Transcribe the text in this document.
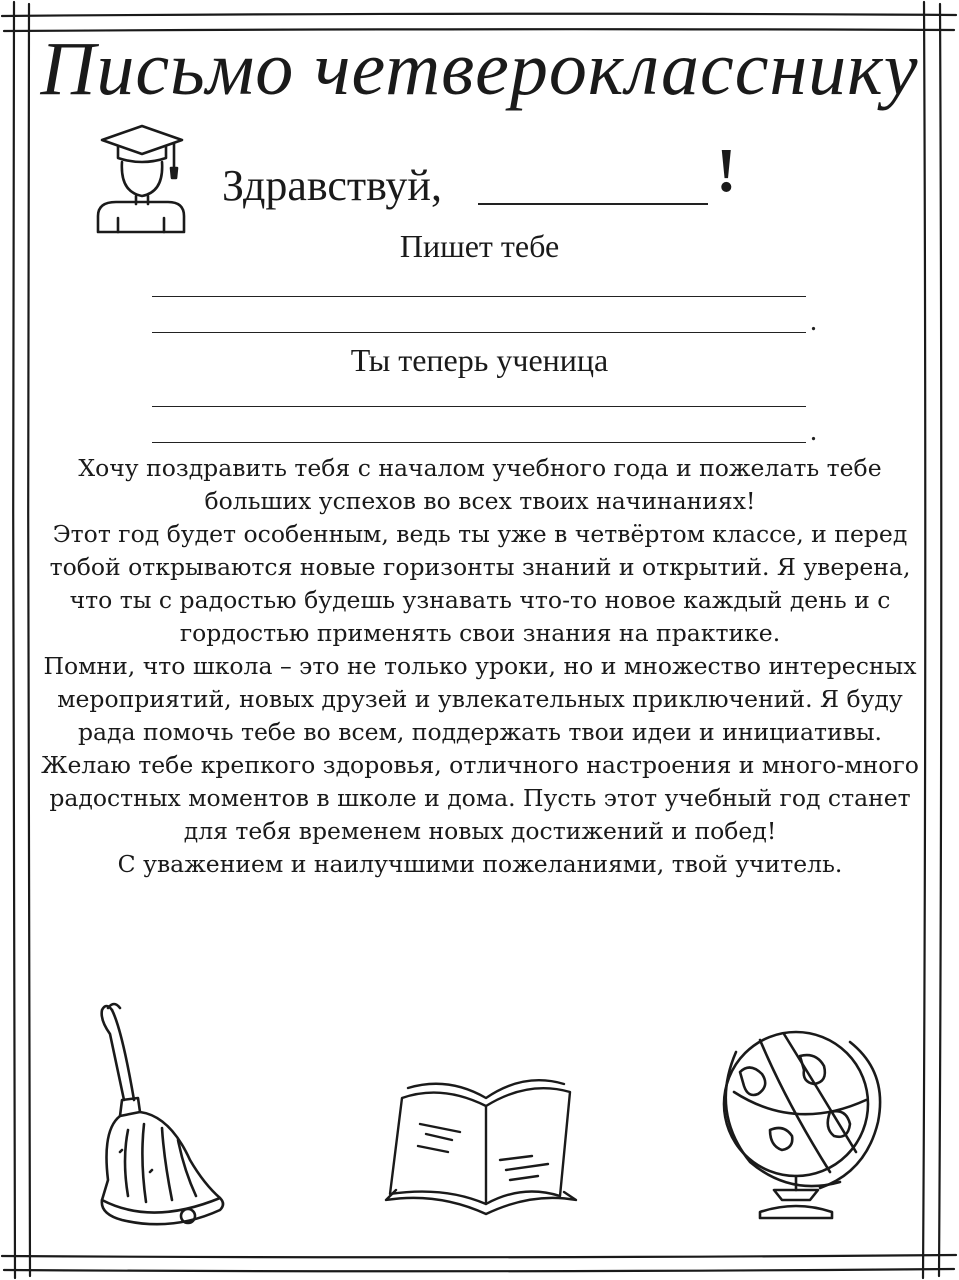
Письмо четверокласснику
Здравствуй,	!
Пишет тебе
.
Ты теперь ученица
.

Хочу поздравить тебя с началом учебного года и пожелать тебе больших успехов во всех твоих начинаниях!

Этот год будет особенным, ведь ты уже в четвёртом классе, и перед тобой открываются новые горизонты знаний и открытий. Я уверена, что ты с радостью будешь узнавать что-то новое каждый день и с гордостью применять свои знания на практике.

Помни, что школа – это не только уроки, но и множество интересных мероприятий, новых друзей и увлекательных приключений. Я буду рада помочь тебе во всем, поддержать твои идеи и инициативы.

Желаю тебе крепкого здоровья, отличного настроения и много-много радостных моментов в школе и дома. Пусть этот учебный год станет для тебя временем новых достижений и побед!

С уважением и наилучшими пожеланиями, твой учитель.
